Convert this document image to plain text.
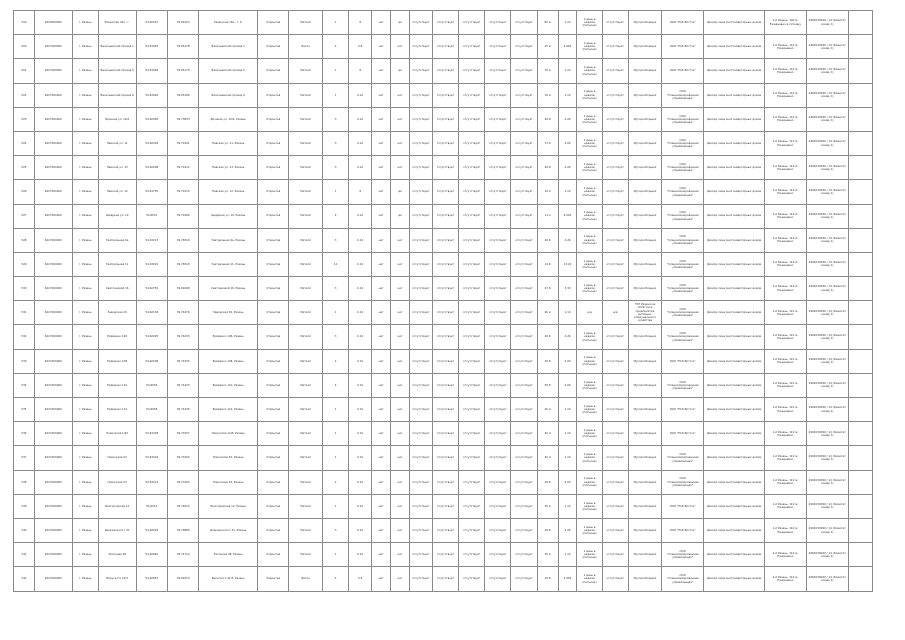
519	6220000000	г. Рязань	Рязанская обл., г.	54.65015	39.69123	Рязанская обл., г. Р.	Открытая	Металл	1	8	нет	да	отсутствует	отсутствует	отсутствует	отсутствует	отсутствует	80 м	1.10	1 день в неделю (пятница)	отсутствует	Мусоросборщик	ООО "ЕСК Восток"	физ/юр лица многоквартирных домов	1-й Рязань, 100 м; Ежедневно в пятницу	4962039099 / 14 (Комитет номер 1)	
520	6227000000	г. Рязань	Васильевский проезд 1	54.63945	39.65178	Васильевский проезд 1	Открытая	Бетон	4	0.8	нет	нет	отсутствует	отсутствует	отсутствует	отсутствует	отсутствует	25 м	4.092	1 день в неделю (пятница)	отсутствует	Мусоросборщик	ООО "ЕСК Восток"	физ/юр лица многоквартирных домов	1-й Рязань, 110 м; Ежедневно	4962039099 / 14 (Комитет номер 1)	
521	6227000000	г. Рязань	Васильевский проезд 5	54.63948	39.65179	Васильевский проезд 5	Открытая	Металл	1	8	нет	да	отсутствует	отсутствует	отсутствует	отсутствует	отсутствует	76 м	1.10	1 день в неделю (пятница)	отсутствует	Мусоросборщик	ООО "ЕСК Восток"	физ/юр лица многоквартирных домов	1-й Рязань, 110 м; Ежедневно	4962039099 / 14 (Комитет номер 1)	
522	6227000000	г. Рязань	Васильевский проезд 6	54.63946	39.65180	Васильевский проезд 6	Открытая	Металл	1	0.10	нет	нет	отсутствует	отсутствует	отсутствует	отсутствует	отсутствует	76 м	1.10	1 день в неделю (пятница)	отсутствует	Мусоросборщик	ООО "Специализированная управляющая"	физ/юр лица многоквартирных домов	1-й Рязань, 110 м; Ежедневно	4962039099 / 14 (Комитет номер 1)	
523	6227000000	г. Рязань	Бронная ул. 10/4	54.62956	39.73833	Бронная ул. 10/4, Рязань	Открытая	Металл	3	0.10	нет	нет	отсутствует	отсутствует	отсутствует	отсутствует	отсутствует	40.8	2.26	1 день в неделю (пятница)	отсутствует	Мусоросборщик	ООО "Специализированная управляющая"	физ/юр лица многоквартирных домов	1-й Рязань, 110 м; Ежедневно	4962039099 / 14 (Комитет номер 1)	
524	6227000000	г. Рязань	Невская ул. 11	54.62009	39.70101	Невская ул. 11, Рязань	Открытая	Металл	3	0.10	нет	нет	отсутствует	отсутствует	отсутствует	отсутствует	отсутствует	37.6	4.09	1 день в неделю (пятница)	отсутствует	Мусоросборщик	ООО "Специализированная управляющая"	физ/юр лица многоквартирных домов	1-й Рязань, 110 м; Ежедневно	4962039099 / 14 (Комитет номер 1)	
525	6227000000	г. Рязань	Невская ул. 13	54.62008	39.70112	Невская ул. 13, Рязань	Открытая	Металл	3	0.10	нет	нет	отсутствует	отсутствует	отсутствует	отсутствует	отсутствует	40.8	2.26	1 день в неделю (пятница)	отсутствует	Мусоросборщик	ООО "Специализированная управляющая"	физ/юр лица многоквартирных домов	1-й Рязань, 110 м; Ежедневно	4962039099 / 14 (Комитет номер 1)	
526	6227000000	г. Рязань	Невская ул. 12	54.61755	39.70115	Невская ул. 12, Рязань	Открытая	Металл	1	8	нет	да	отсутствует	отсутствует	отсутствует	отсутствует	отсутствует	10.4	1.10	1 день в неделю (пятница)	отсутствует	Мусоросборщик	ООО "Специализированная управляющая"	физ/юр лица многоквартирных домов	1-й Рязань, 110 м; Ежедневно	4962039099 / 14 (Комитет номер 1)	
527	6227000000	г. Рязань	Щедрина ул. 19	54.6051	39.70166	Щедрина ул. 19, Рязань	Открытая	Металл	4	0.10	нет	да	отсутствует	отсутствует	отсутствует	отсутствует	отсутствует	11.4	4.092	1 день в неделю (пятница)	отсутствует	Мусоросборщик	ООО "Специализированная управляющая"	физ/юр лица многоквартирных домов	1-й Рязань, 110 м; Ежедневно	4962039099 / 14 (Комитет номер 1)	
528	6227000000	г. Рязань	Театральная 9а	54.63213	39.76516	Театральная 9а, Рязань	Открытая	Металл	3	0.10	нет	нет	отсутствует	отсутствует	отсутствует	отсутствует	отсутствует	40.8	2.26	1 день в неделю (пятница)	отсутствует	Мусоросборщик	ООО "Специализированная управляющая"	физ/юр лица многоквартирных домов	1-й Рязань, 110 м; Ежедневно	4962039099 / 14 (Комитет номер 1)	
529	6227000000	г. Рязань	Театральная 11	54.63210	39.76518	Театральная 11, Рязань	Открытая	Металл	12	0.10	нет	нет	отсутствует	отсутствует	отсутствует	отсутствует	отсутствует	14.8	13.20	1 день в неделю (пятница)	отсутствует	Мусоросборщик	ООО "Специализированная управляющая"	физ/юр лица многоквартирных домов	1-й Рязань, 110 м; Ежедневно	4962039099 / 14 (Комитет номер 1)	
530	6227000000	г. Рязань	Светлановой 16	54.62750	39.69448	Светлановой 16, Рязань	Открытая	Металл	3	0.10	нет	нет	отсутствует	отсутствует	отсутствует	отсутствует	отсутствует	47.8	3.30	1 день в неделю (пятница)	отсутствует	Мусоросборщик	ООО "Специализированная управляющая"	физ/юр лица многоквартирных домов	1-й Рязань, 110 м; Ежедневно	4962039099 / 14 (Комитет номер 1)	
531	6227000000	г. Рязань	Заводская 29	54.62136	39.74476	Заводская 29, Рязань	Открытая	Металл	1	0.10	нет	нет	отсутствует	отсутствует	отсутствует	отсутствует	отсутствует	46 м	1.10	н/д	н/д	ГУП Рязанское областное предприятие жилищно-коммунального хозяйства	ООО "Специализированная управляющая"	физ/юр лица многоквартирных домов	1-й Рязань, 110 м; Ежедневно	4962039099 / 14 (Комитет номер 1)	
532	6227000000	г. Рязань	Ерёменко 106	54.62005	39.74433	Ерёменко 106, Рязань	Открытая	Металл	3	0.10	нет	нет	отсутствует	отсутствует	отсутствует	отсутствует	отсутствует	40.8	2.26	1 день в неделю (пятница)	отсутствует	Мусоросборщик	ООО "Специализированная управляющая"	физ/юр лица многоквартирных домов	1-й Рязань, 110 м; Ежедневно	4962039099 / 14 (Комитет номер 1)	
533	6227000000	г. Рязань	Ерёменко 108	54.62008	39.74435	Ерёменко 108, Рязань	Открытая	Металл	2	0.10	нет	нет	отсутствует	отсутствует	отсутствует	отсутствует	отсутствует	40.8	2.00	1 день в неделю (пятница)	отсутствует	Мусоросборщик	ООО "ЕСК Восток"	физ/юр лица многоквартирных домов	1-й Рязань, 110 м; Ежедневно	4962039099 / 14 (Комитет номер 1)	
534	6227000000	г. Рязань	Ерёменко 110	54.6056	39.74433	Ерёменко 110, Рязань	Открытая	Металл	4	0.10	нет	нет	отсутствует	отсутствует	отсутствует	отсутствует	отсутствует	55.8	4.09	1 день в неделю (пятница)	отсутствует	Мусоросборщик	ООО "Специализированная управляющая"	физ/юр лица многоквартирных домов	1-й Рязань, 110 м; Ежедневно	4962039099 / 14 (Комитет номер 1)	
535	6227000000	г. Рязань	Ерёменко 112	54.6058	39.74436	Ерёменко 112, Рязань	Открытая	Металл	1	0.10	нет	нет	отсутствует	отсутствует	отсутствует	отсутствует	отсутствует	20 м	1.10	1 день в неделю (пятница)	отсутствует	Мусоросборщик	ООО "ЕСК Восток"	физ/юр лица многоквартирных домов	1-й Рязань, 110 м; Ежедневно	4962039099 / 14 (Комитет номер 1)	
536	6227000000	г. Рязань	Новоселов 1/45	54.63228	39.70157	Новоселов 1/45, Рязань	Открытая	Металл	1	0.10	нет	нет	отсутствует	отсутствует	отсутствует	отсутствует	отсутствует	30 м	1.10	1 день в неделю (пятница)	отсутствует	Мусоросборщик	ООО "ЕСК Восток"	физ/юр лица многоквартирных домов	1-й Рязань, 110 м; Ежедневно	4962039099 / 14 (Комитет номер 1)	
537	6227000000	г. Рязань	Новоселов 52	54.63016	39.70162	Новоселов 52, Рязань	Открытая	Металл	1	0.10	нет	нет	отсутствует	отсутствует	отсутствует	отсутствует	отсутствует	30 м	1.10	1 день в неделю (пятница)	отсутствует	Мусоросборщик	ООО "Специализированная управляющая"	физ/юр лица многоквартирных домов	1-й Рязань, 110 м; Ежедневно	4962039099 / 14 (Комитет номер 1)	
538	6227000000	г. Рязань	Новоселов 53	54.63012	39.70163	Новоселов 53, Рязань	Открытая	Металл	2	0.10	нет	нет	отсутствует	отсутствует	отсутствует	отсутствует	отсутствует	40.8	2.00	1 день в неделю (пятница)	отсутствует	Мусоросборщик	ООО "Специализированная управляющая"	физ/юр лица многоквартирных домов	1-й Рязань, 110 м; Ежедневно	4962039099 / 14 (Комитет номер 1)	
539	6227000000	г. Рязань	Белгородская 12	54.6215	39.74614	Белгородская 12, Рязань	Открытая	Металл	1	0.10	нет	нет	отсутствует	отсутствует	отсутствует	отсутствует	отсутствует	30 м	1.10	1 день в неделю (пятница)	отсутствует	Мусоросборщик	ООО "ЕСК Восток"	физ/юр лица многоквартирных домов	1-й Рязань, 110 м; Ежедневно	4962039099 / 14 (Комитет номер 1)	
540	6227000000	г. Рязань	Дзержинского 31	54.62226	39.76889	Дзержинского 31, Рязань	Открытая	Металл	3	0.10	нет	нет	отсутствует	отсутствует	отсутствует	отсутствует	отсутствует	40.8	2.26	1 день в неделю (пятница)	отсутствует	Мусоросборщик	ООО "ЕСК Восток"	физ/юр лица многоквартирных домов	1-й Рязань, 110 м; Ежедневно	4962039099 / 14 (Комитет номер 1)	
541	6227000000	г. Рязань	Затинная 48	54.62840	39.74712	Затинная 48, Рязань	Открытая	Металл	1	0.10	нет	нет	отсутствует	отсутствует	отсутствует	отсутствует	отсутствует	30 м	1.10	1 день в неделю (пятница)	отсутствует	Мусоросборщик	ООО "Специализированная управляющая"	физ/юр лица многоквартирных домов	1-й Рязань, 110 м; Ежедневно	4962039099 / 14 (Комитет номер 1)	
542	6227000000	г. Рязань	Бельского 21/3	54.62853	39.69213	Бельского 21/3, Рязань	Закрытая	Бетон	4	0.8	нет	нет	отсутствует	отсутствует	отсутствует	отсутствует	отсутствует	25.8	4.092	1 день в неделю (пятница)	отсутствует	Мусоросборщик	ООО "Специализированная управляющая"	физ/юр лица многоквартирных домов	1-й Рязань, 110 м; Ежедневно	4962039099 / 14 (Комитет номер 1)	
